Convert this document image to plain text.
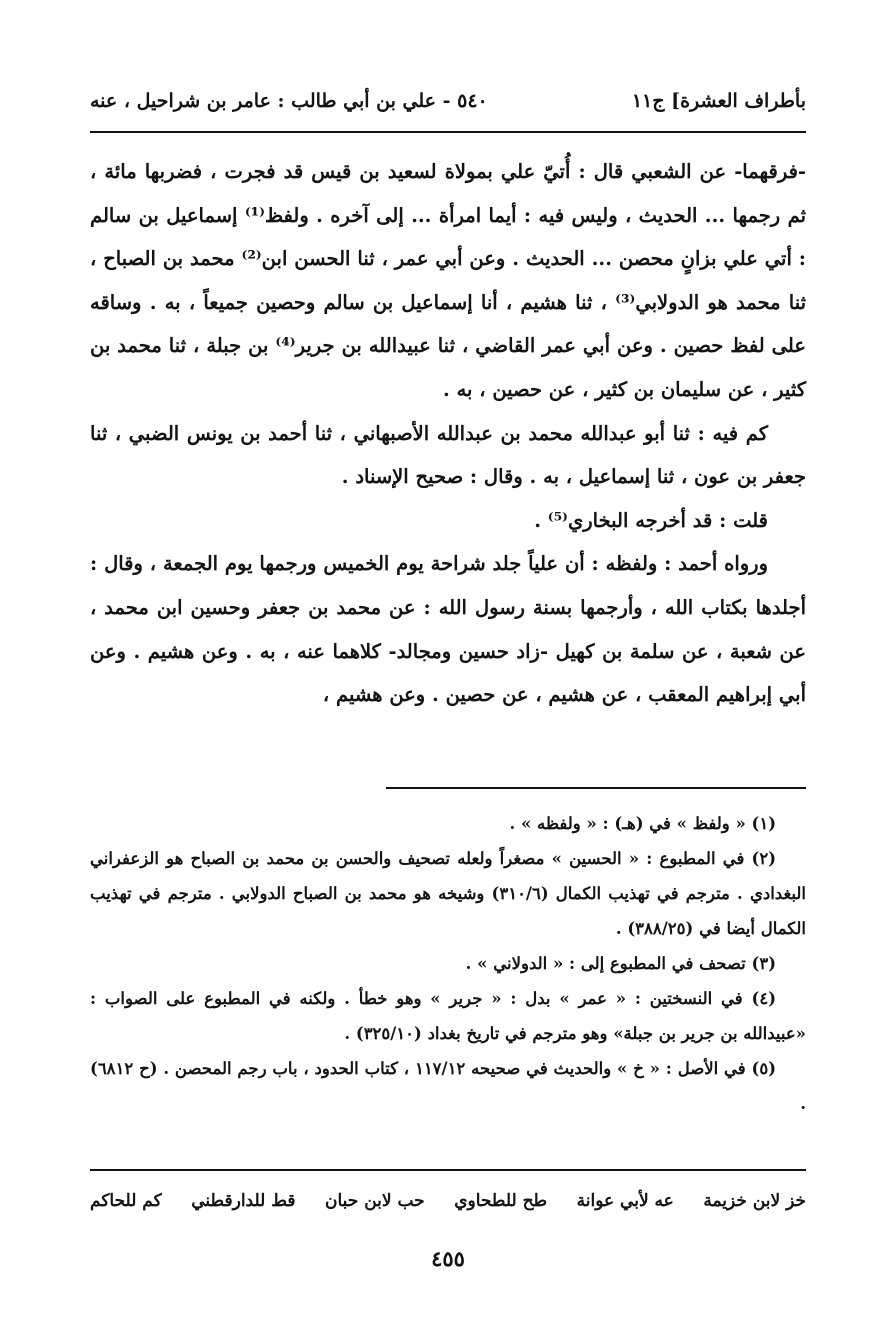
بأطراف العشرة] ج١١
٥٤٠ - علي بن أبي طالب : عامر بن شراحيل ، عنه

-فرقهما- عن الشعبي قال : أُتيّ علي بمولاة لسعيد بن قيس قد فجرت ، فضربها مائة ، ثم رجمها ... الحديث ، وليس فيه : أيما امرأة ... إلى آخره . ولفظ⁽¹⁾ إسماعيل بن سالم : أتي علي بزانٍ محصن ... الحديث . وعن أبي عمر ، ثنا الحسن ابن⁽²⁾ محمد بن الصباح ، ثنا محمد هو الدولابي⁽³⁾ ، ثنا هشيم ، أنا إسماعيل بن سالم وحصين جميعاً ، به . وساقه على لفظ حصين . وعن أبي عمر القاضي ، ثنا عبيدالله بن جرير⁽⁴⁾ بن جبلة ، ثنا محمد بن كثير ، عن سليمان بن كثير ، عن حصين ، به .

كم فيه : ثنا أبو عبدالله محمد بن عبدالله الأصبهاني ، ثنا أحمد بن يونس الضبي ، ثنا جعفر بن عون ، ثنا إسماعيل ، به . وقال : صحيح الإسناد .

قلت : قد أخرجه البخاري⁽⁵⁾ .

ورواه أحمد : ولفظه : أن علياً جلد شراحة يوم الخميس ورجمها يوم الجمعة ، وقال : أجلدها بكتاب الله ، وأرجمها بسنة رسول الله : عن محمد بن جعفر وحسين ابن محمد ، عن شعبة ، عن سلمة بن كهيل -زاد حسين ومجالد- كلاهما عنه ، به . وعن هشيم . وعن أبي إبراهيم المعقب ، عن هشيم ، عن حصين . وعن هشيم ،

(١) « ولفظ » في (هـ) : « ولفظه » .

(٢) في المطبوع : « الحسين » مصغراً ولعله تصحيف والحسن بن محمد بن الصباح هو الزعفراني البغدادي . مترجم في تهذيب الكمال (٣١٠/٦) وشيخه هو محمد بن الصباح الدولابي . مترجم في تهذيب الكمال أيضا في (٣٨٨/٢٥) .

(٣) تصحف في المطبوع إلى : « الدولاني » .

(٤) في النسختين : « عمر » بدل : « جرير » وهو خطأ . ولكنه في المطبوع على الصواب : «عبيدالله بن جرير بن جبلة» وهو مترجم في تاريخ بغداد (٣٢٥/١٠) .

(٥) في الأصل : « خ » والحديث في صحيحه ١١٧/١٢ ، كتاب الحدود ، باب رجم المحصن . (ح ٦٨١٢) .

خز لابن خزيمة
عه لأبي عوانة
طح للطحاوي
حب لابن حبان
قط للدارقطني
كم للحاكم
٤٥٥
